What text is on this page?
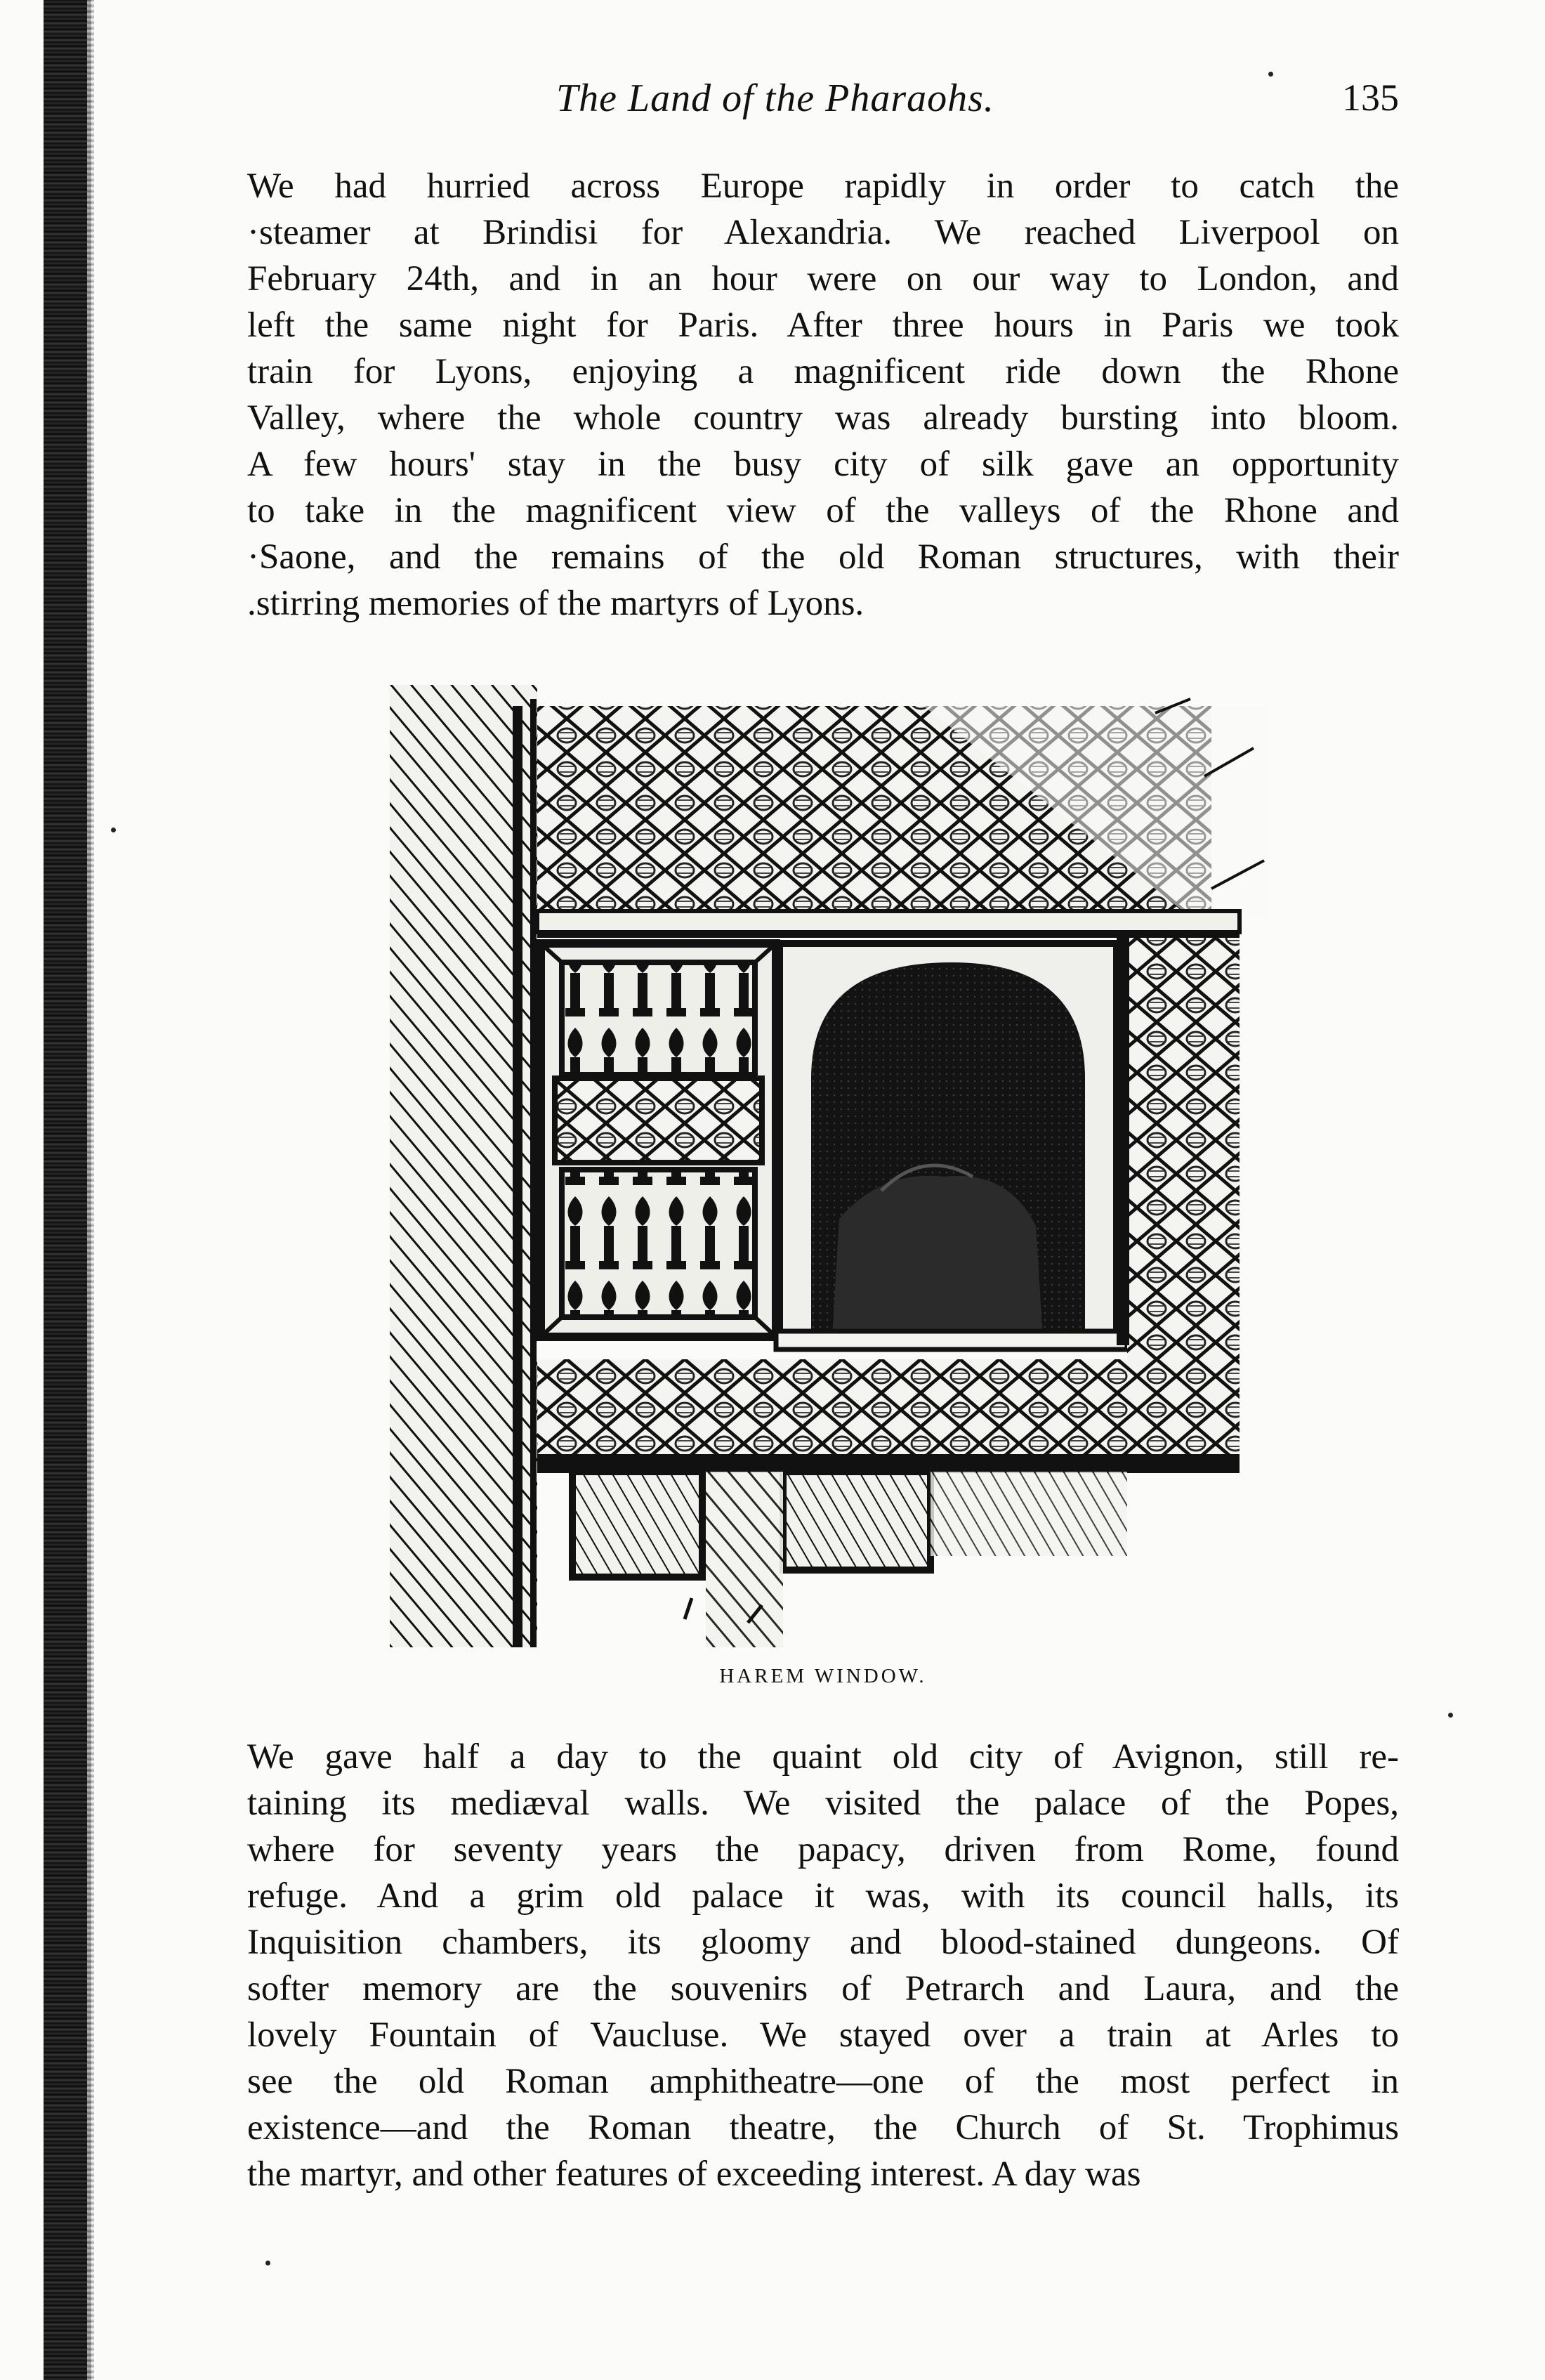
The Land of the Pharaohs.	135
We had hurried across Europe rapidly in order to catch the
·steamer at Brindisi for Alexandria. We reached Liverpool on
February 24th, and in an hour were on our way to London, and
left the same night for Paris. After three hours in Paris we took
train for Lyons, enjoying a magnificent ride down the Rhone
Valley, where the whole country was already bursting into bloom.
A few hours' stay in the busy city of silk gave an opportunity
to take in the magnificent view of the valleys of the Rhone and
·Saone, and the remains of the old Roman structures, with their
.stirring memories of the martyrs of Lyons.
HAREM WINDOW.
We gave half a day to the quaint old city of Avignon, still re-
taining its mediæval walls. We visited the palace of the Popes,
where for seventy years the papacy, driven from Rome, found
refuge. And a grim old palace it was, with its council halls, its
Inquisition chambers, its gloomy and blood-stained dungeons. Of
softer memory are the souvenirs of Petrarch and Laura, and the
lovely Fountain of Vaucluse. We stayed over a train at Arles to
see the old Roman amphitheatre—one of the most perfect in
existence—and the Roman theatre, the Church of St. Trophimus
the martyr, and other features of exceeding interest. A day was
